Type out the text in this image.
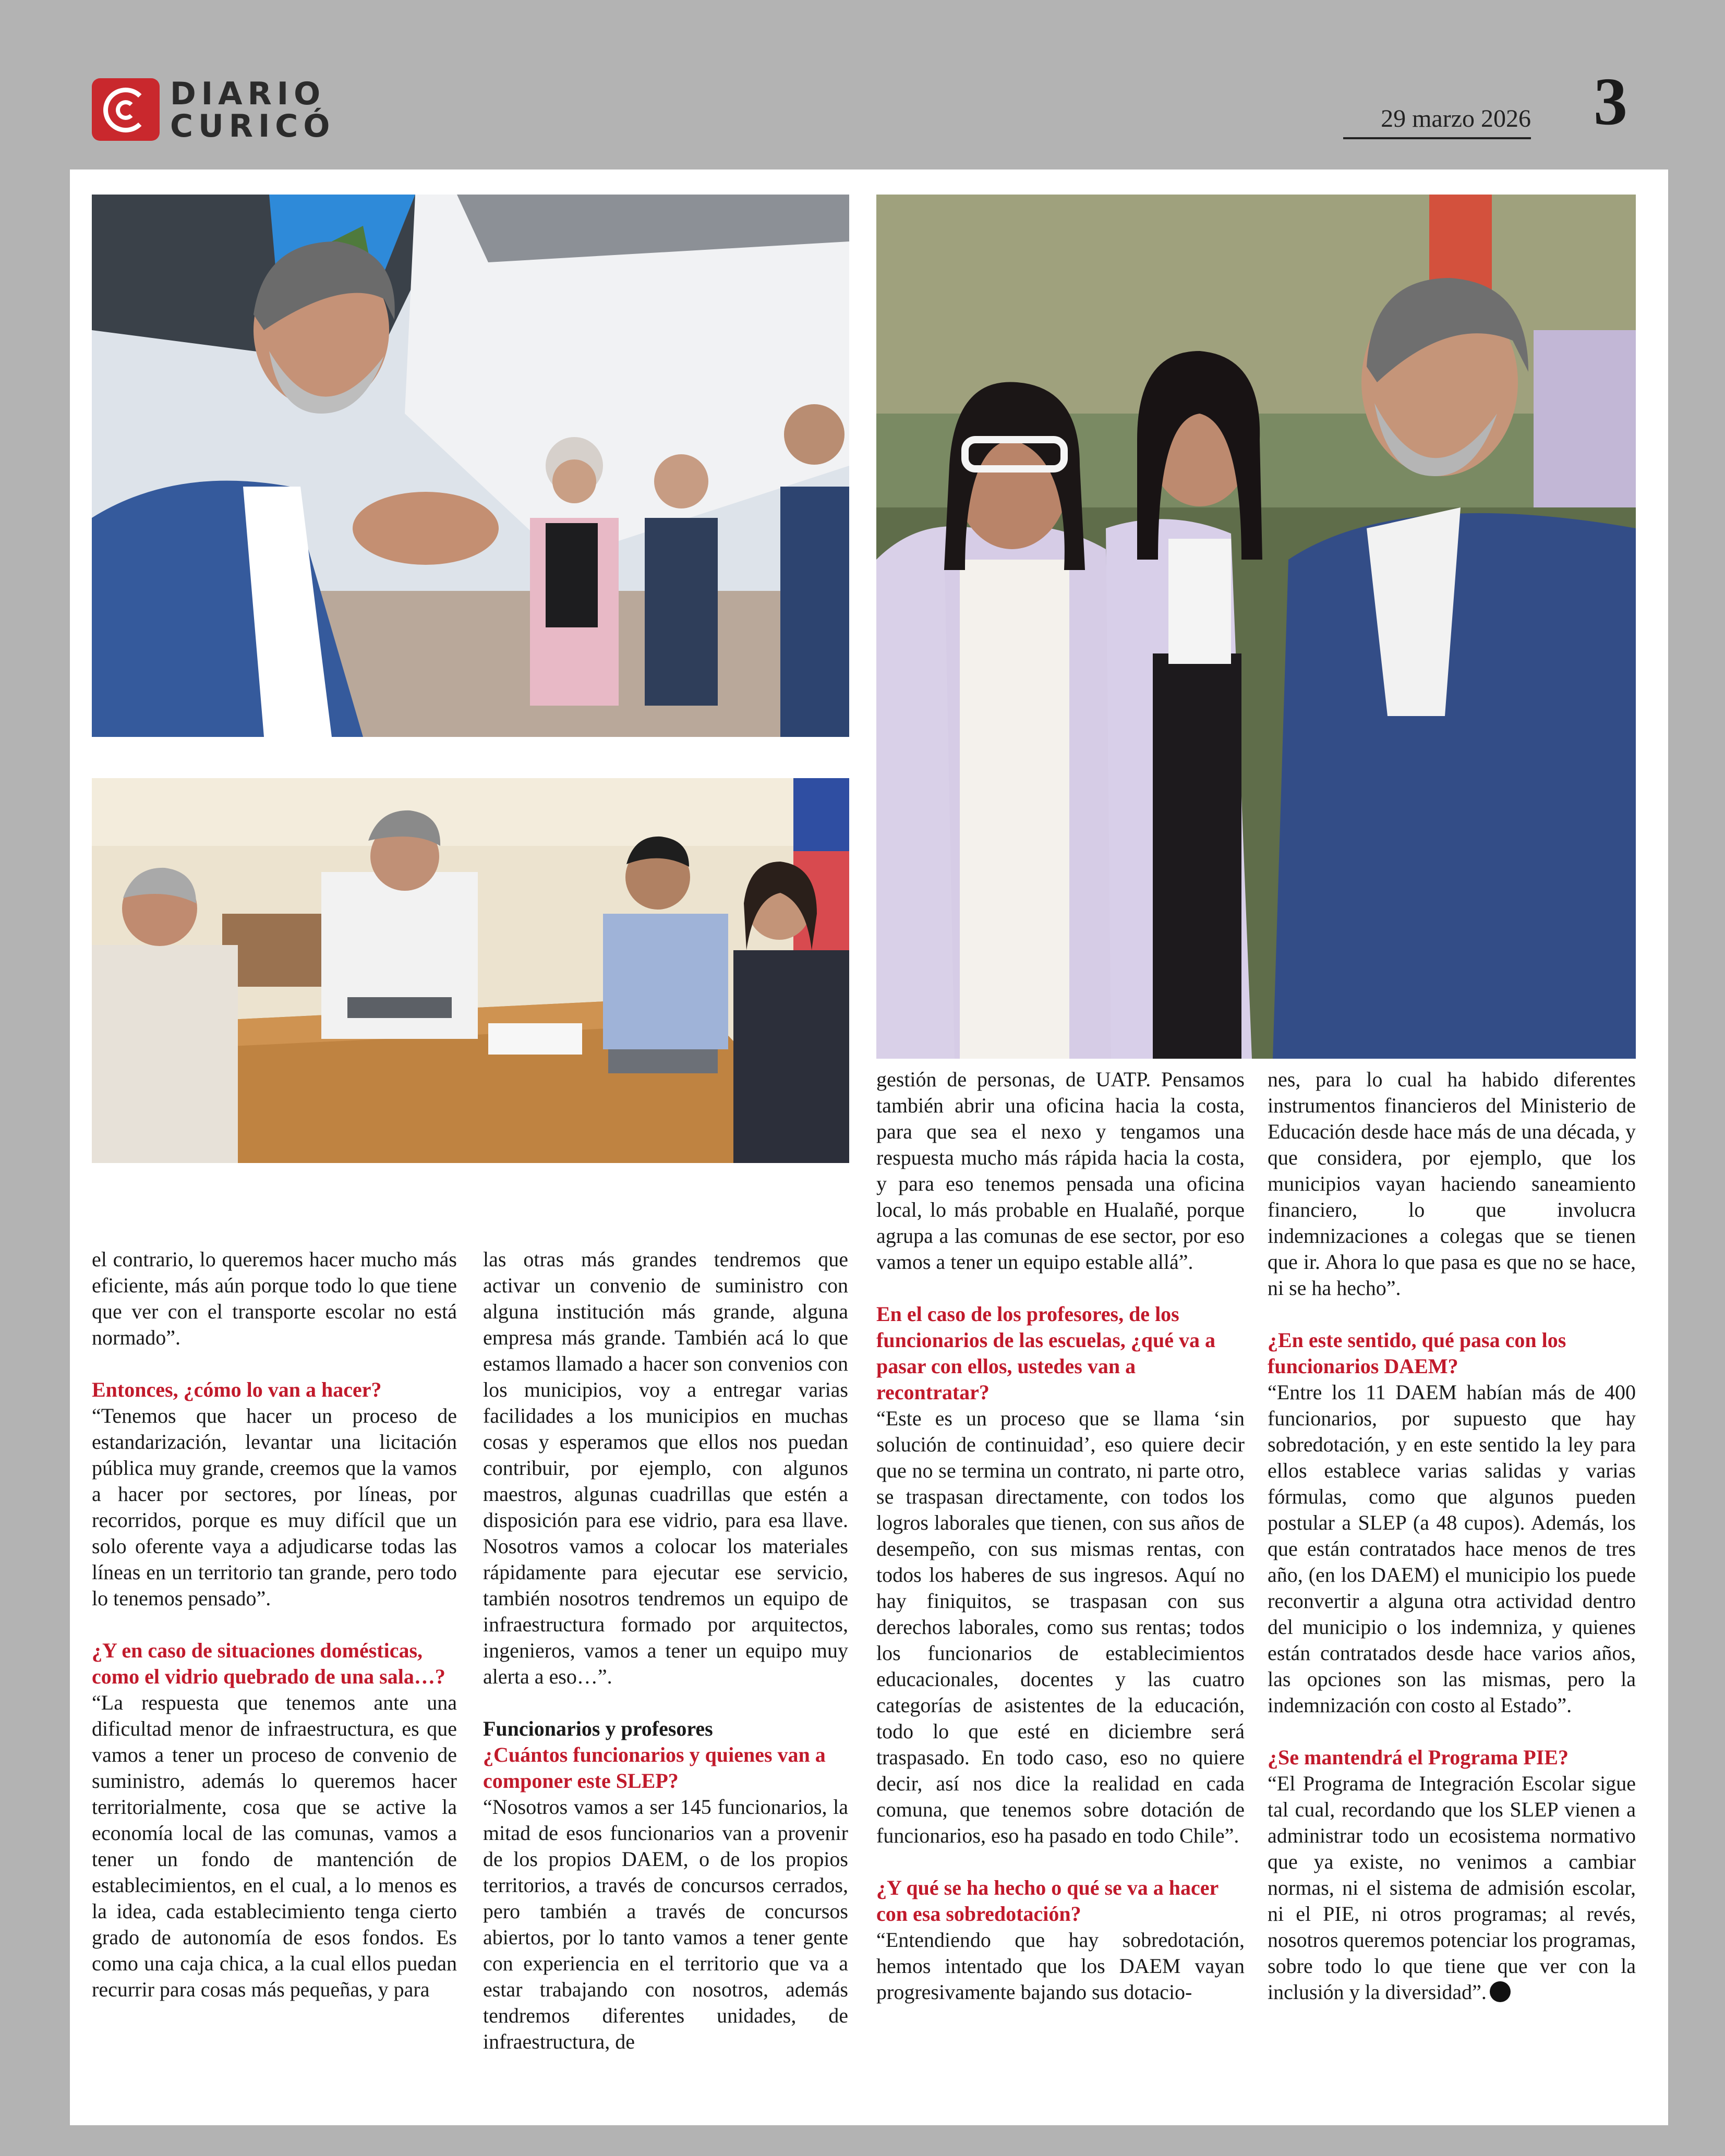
DIARIO
CURICÓ	29 marzo 2026 3

el contrario, lo queremos hacer mucho más eficiente, más aún porque todo lo que tiene que ver con el transporte escolar no está normado”.

Entonces, ¿cómo lo van a hacer?

“Tenemos que hacer un proceso de estandarización, levantar una licitación pública muy grande, creemos que la vamos a hacer por sectores, por líneas, por recorridos, porque es muy difícil que un solo oferente vaya a adjudicarse todas las líneas en un territorio tan grande, pero todo lo tenemos pensado”.

¿Y en caso de situaciones domésticas, como el vidrio quebrado de una sala…?

“La respuesta que tenemos ante una dificultad menor de infraestructura, es que vamos a tener un proceso de convenio de suministro, además lo queremos hacer territorialmente, cosa que se active la economía local de las comunas, vamos a tener un fondo de mantención de establecimientos, en el cual, a lo menos es la idea, cada establecimiento tenga cierto grado de autonomía de esos fondos. Es como una caja chica, a la cual ellos puedan recurrir para cosas más pequeñas, y para

las otras más grandes tendremos que activar un convenio de suministro con alguna institución más grande, alguna empresa más grande. También acá lo que estamos llamado a hacer son convenios con los municipios, voy a entregar varias facilidades a los municipios en muchas cosas y esperamos que ellos nos puedan contribuir, por ejemplo, con algunos maestros, algunas cuadrillas que estén a disposición para ese vidrio, para esa llave. Nosotros vamos a colocar los materiales rápidamente para ejecutar ese servicio, también nosotros tendremos un equipo de infraestructura formado por arquitectos, ingenieros, vamos a tener un equipo muy alerta a eso…”.

Funcionarios y profesores

¿Cuántos funcionarios y quienes van a componer este SLEP?

“Nosotros vamos a ser 145 funcionarios, la mitad de esos funcionarios van a provenir de los propios DAEM, o de los propios territorios, a través de concursos cerrados, pero también a través de concursos abiertos, por lo tanto vamos a tener gente con experiencia en el territorio que va a estar trabajando con nosotros, además tendremos diferentes unidades, de infraestructura, de

gestión de personas, de UATP. Pensamos también abrir una oficina hacia la costa, para que sea el nexo y tengamos una respuesta mucho más rápida hacia la costa, y para eso tenemos pensada una oficina local, lo más probable en Hualañé, porque agrupa a las comunas de ese sector, por eso vamos a tener un equipo estable allá”.

En el caso de los profesores, de los funcionarios de las escuelas, ¿qué va a pasar con ellos, ustedes van a recontratar?

“Este es un proceso que se llama ‘sin solución de continuidad’, eso quiere decir que no se termina un contrato, ni parte otro, se traspasan directamente, con todos los logros laborales que tienen, con sus años de desempeño, con sus mismas rentas, con todos los haberes de sus ingresos. Aquí no hay finiquitos, se traspasan con sus derechos laborales, como sus rentas; todos los funcionarios de establecimientos educacionales, docentes y las cuatro categorías de asistentes de la educación, todo lo que esté en diciembre será traspasado. En todo caso, eso no quiere decir, así nos dice la realidad en cada comuna, que tenemos sobre dotación de funcionarios, eso ha pasado en todo Chile”.

¿Y qué se ha hecho o qué se va a hacer con esa sobredotación?

“Entendiendo que hay sobredotación, hemos intentado que los DAEM vayan progresivamente bajando sus dotacio-

nes, para lo cual ha habido diferentes instrumentos financieros del Ministerio de Educación desde hace más de una década, y que considera, por ejemplo, que los municipios vayan haciendo saneamiento financiero, lo que involucra indemnizaciones a colegas que se tienen que ir. Ahora lo que pasa es que no se hace, ni se ha hecho”.

¿En este sentido, qué pasa con los funcionarios DAEM?

“Entre los 11 DAEM habían más de 400 funcionarios, por supuesto que hay sobredotación, y en este sentido la ley para ellos establece varias salidas y varias fórmulas, como que algunos pueden postular a SLEP (a 48 cupos). Además, los que están contratados hace menos de tres año, (en los DAEM) el municipio los puede reconvertir a alguna otra actividad dentro del municipio o los indemniza, y quienes están contratados desde hace varios años, las opciones son las mismas, pero la indemnización con costo al Estado”.

¿Se mantendrá el Programa PIE?

“El Programa de Integración Escolar sigue tal cual, recordando que los SLEP vienen a administrar todo un ecosistema normativo que ya existe, no venimos a cambiar normas, ni el sistema de admisión escolar, ni el PIE, ni otros programas; al revés, nosotros queremos potenciar los programas, sobre todo lo que tiene que ver con la inclusión y la diversidad”.
